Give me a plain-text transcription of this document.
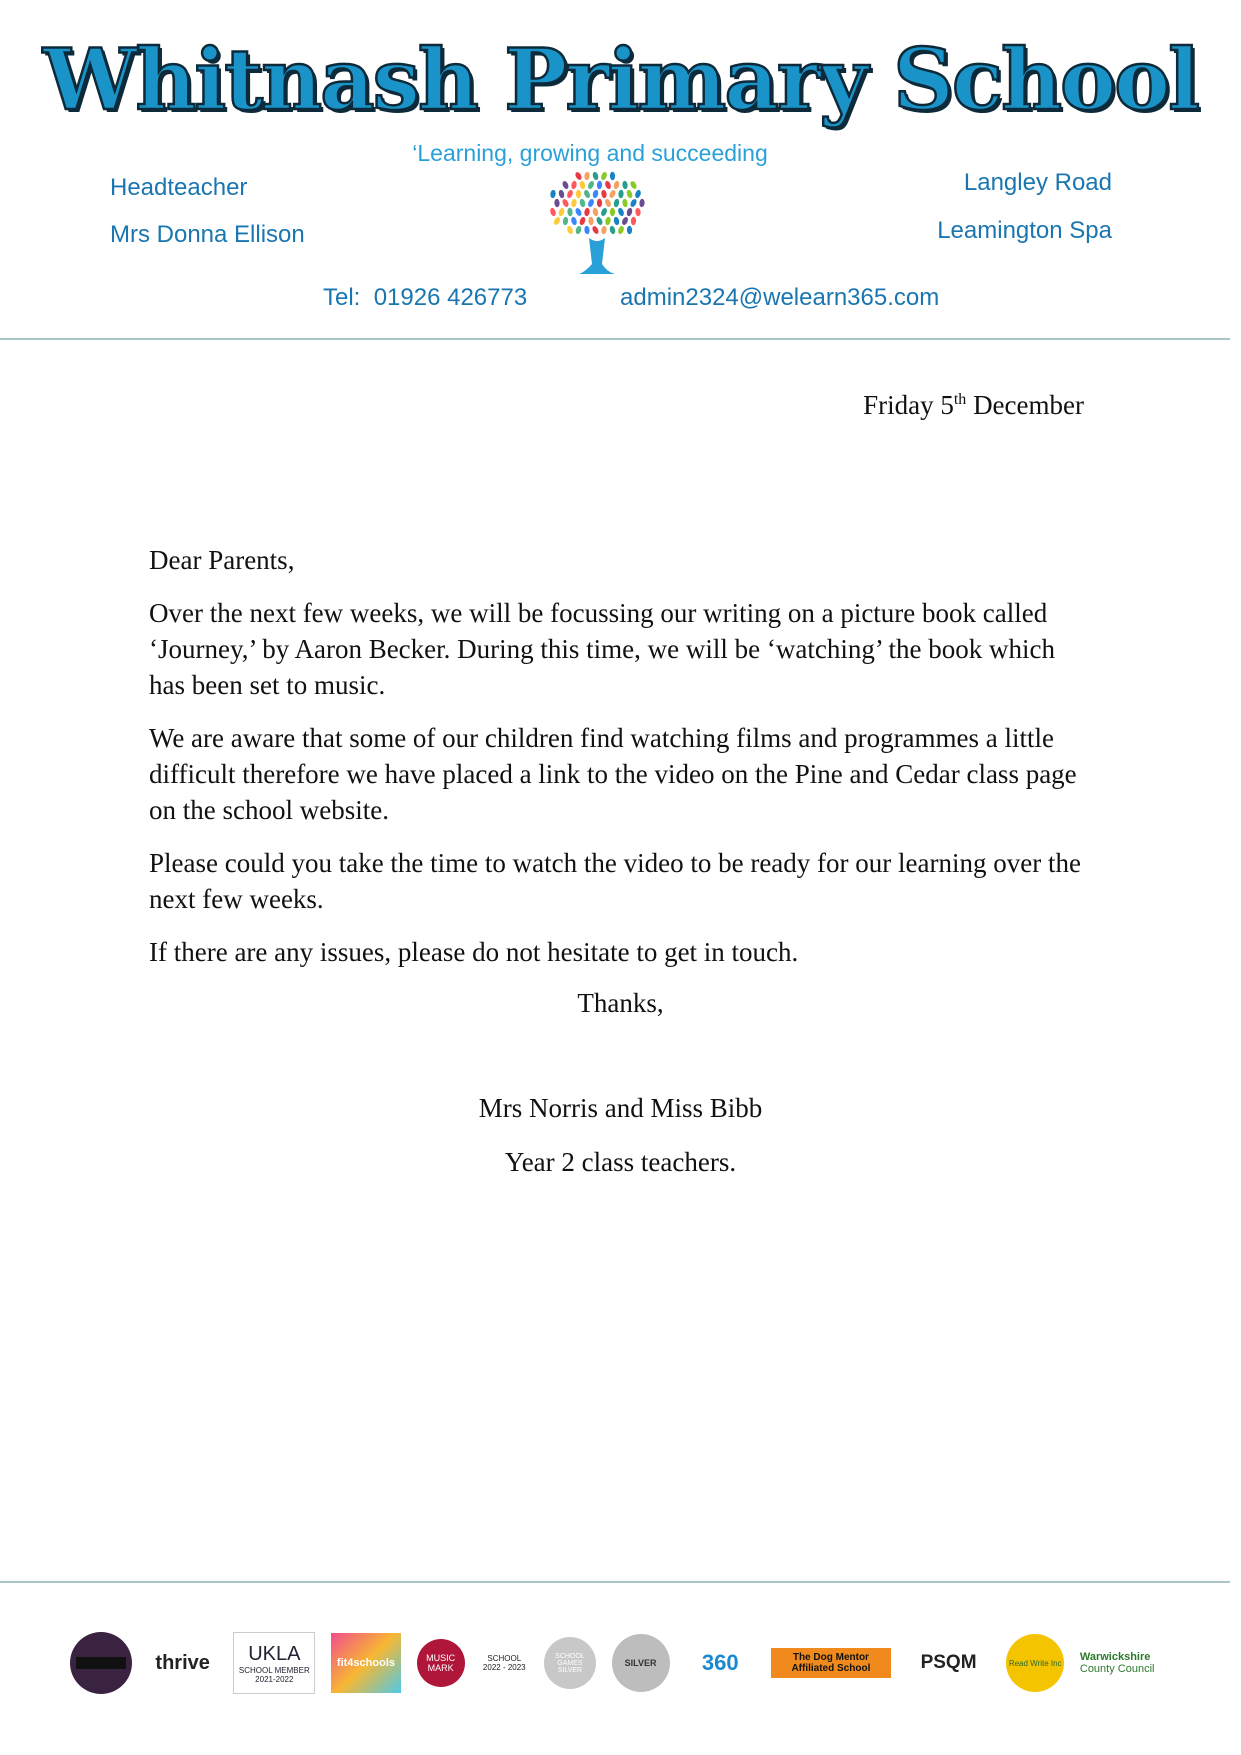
Whitnash Primary School
‘Learning, growing and succeeding
Headteacher
Mrs Donna Ellison
Langley Road
Leamington Spa
Tel: 01926 426773	admin2324@welearn365.com
Friday 5th December

Dear Parents,

Over the next few weeks, we will be focussing our writing on a picture book called ‘Journey,’ by Aaron Becker. During this time, we will be ‘watching’ the book which has been set to music.

We are aware that some of our children find watching films and programmes a little difficult therefore we have placed a link to the video on the Pine and Cedar class page on the school website.

Please could you take the time to watch the video to be ready for our learning over the next few weeks.

If there are any issues, please do not hesitate to get in touch.

Thanks,
Mrs Norris and Miss Bibb
Year 2 class teachers.
thrive	UKLA
SCHOOL MEMBER
2021-2022
fit4schools	MUSIC MARK
SCHOOL
2022 - 2023
SCHOOL GAMES
SILVER
SILVER	360	The Dog Mentor
Affiliated School	PSQM	Read Write Inc Warwickshire
County Council
